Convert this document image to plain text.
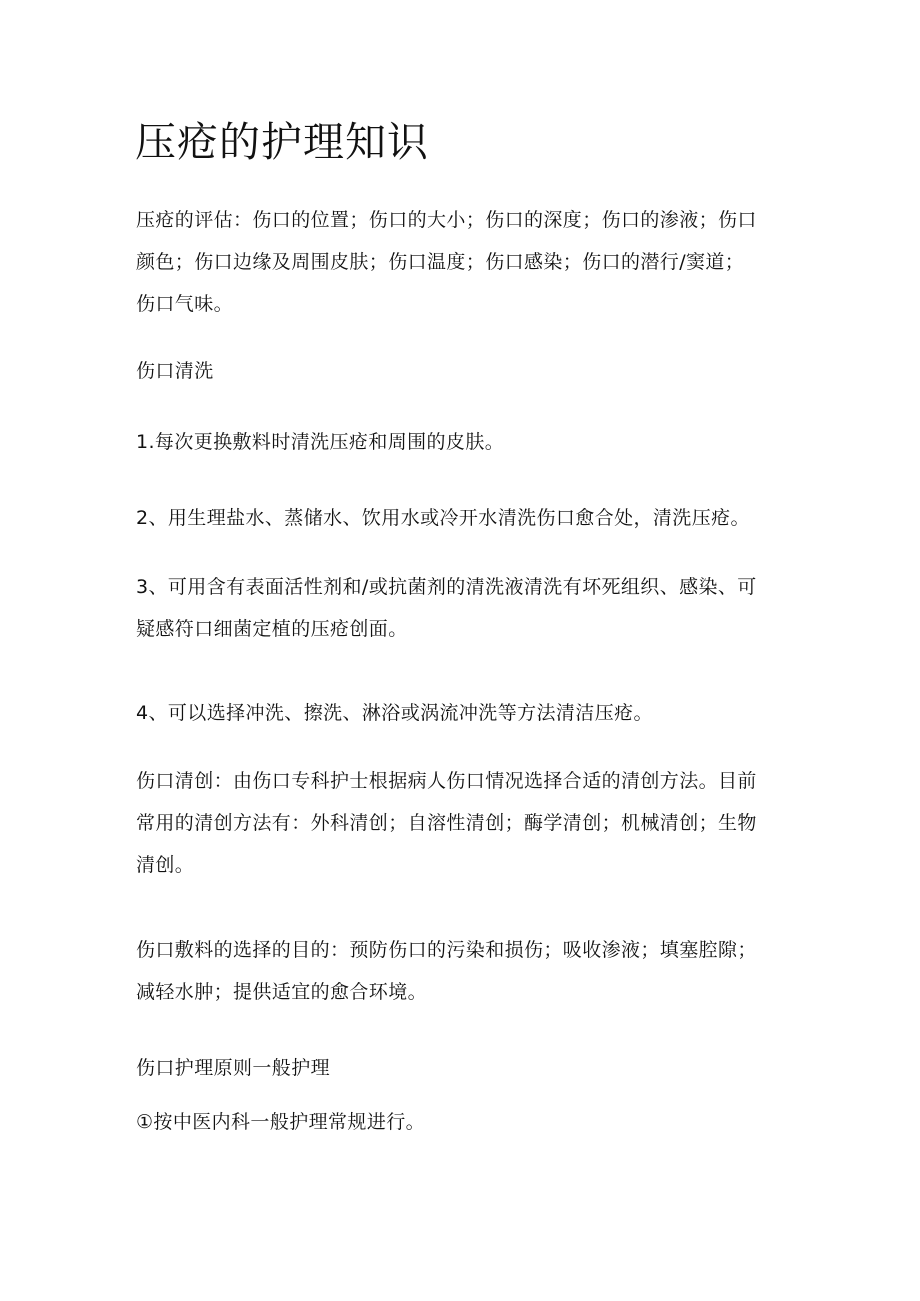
压疮的护理知识

压疮的评估：伤口的位置；伤口的大小；伤口的深度；伤口的渗液；伤口
颜色；伤口边缘及周围皮肤；伤口温度；伤口感染；伤口的潜行/窦道；
伤口气味。

伤口清洗

1.每次更换敷料时清洗压疮和周围的皮肤。

2、用生理盐水、蒸储水、饮用水或冷开水清洗伤口愈合处，清洗压疮。

3、可用含有表面活性剂和/或抗菌剂的清洗液清洗有坏死组织、感染、可
疑感符口细菌定植的压疮创面。

4、可以选择冲洗、擦洗、淋浴或涡流冲洗等方法清洁压疮。

伤口清创：由伤口专科护士根据病人伤口情况选择合适的清创方法。目前
常用的清创方法有：外科清创；自溶性清创；酶学清创；机械清创；生物
清创。

伤口敷料的选择的目的：预防伤口的污染和损伤；吸收渗液；填塞腔隙；
减轻水肿；提供适宜的愈合环境。

伤口护理原则一般护理

①按中医内科一般护理常规进行。
